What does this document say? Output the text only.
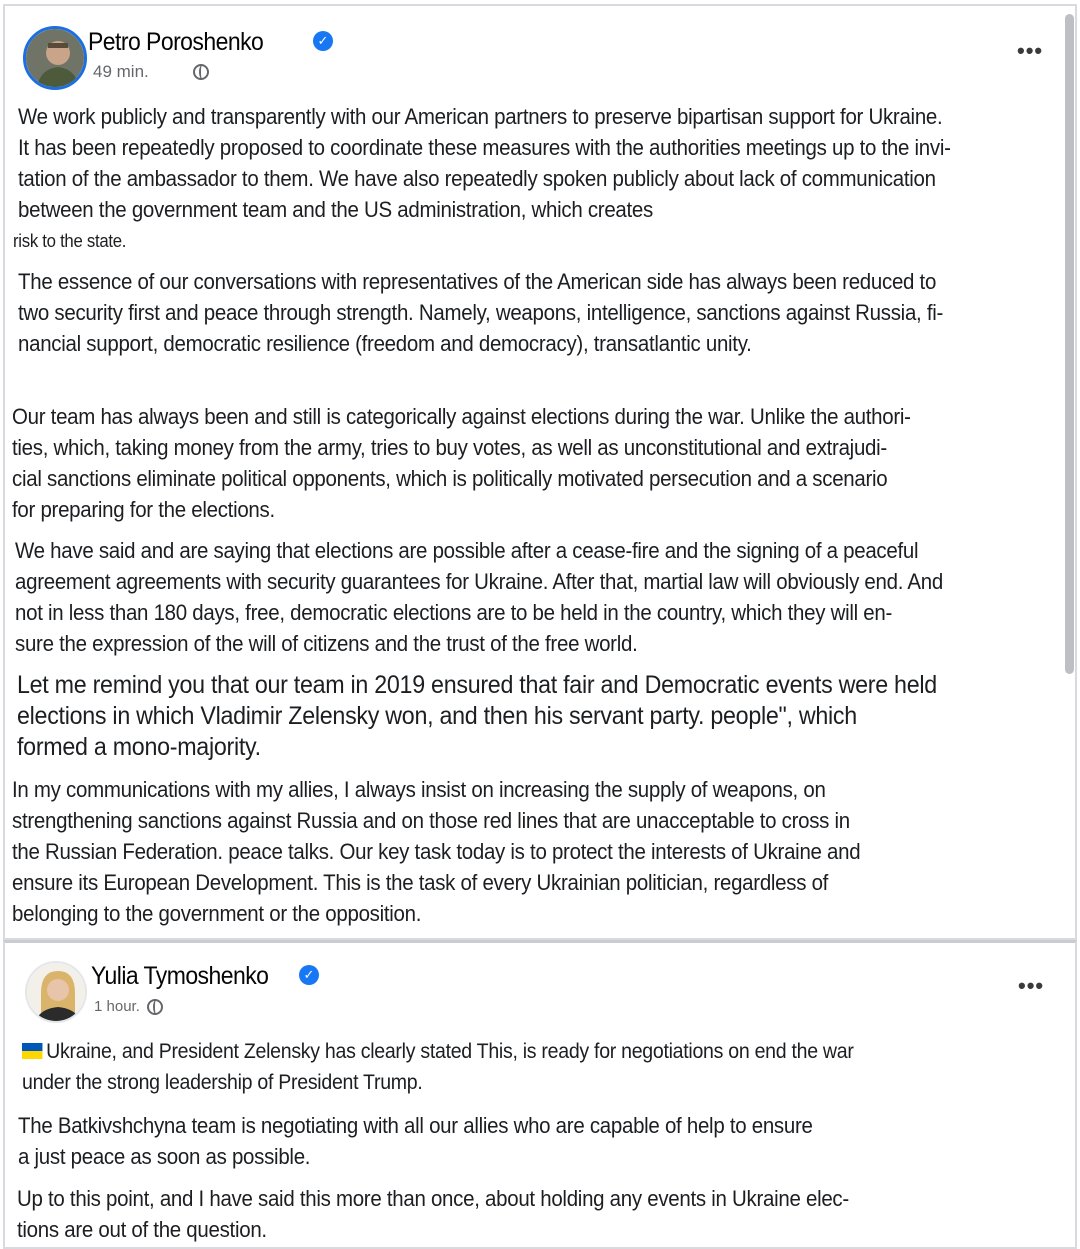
Petro Poroshenko	✓
49 min.
•••
We work publicly and transparently with our American partners to preserve bipartisan support for Ukraine.
It has been repeatedly proposed to coordinate these measures with the authorities meetings up to the invi-
tation of the ambassador to them. We have also repeatedly spoken publicly about lack of communication
between the government team and the US administration, which creates
risk to the state.
The essence of our conversations with representatives of the American side has always been reduced to
two security first and peace through strength. Namely, weapons, intelligence, sanctions against Russia, fi-
nancial support, democratic resilience (freedom and democracy), transatlantic unity.
Our team has always been and still is categorically against elections during the war. Unlike the authori-
ties, which, taking money from the army, tries to buy votes, as well as unconstitutional and extrajudi-
cial sanctions eliminate political opponents, which is politically motivated persecution and a scenario
for preparing for the elections.
We have said and are saying that elections are possible after a cease-fire and the signing of a peaceful
agreement agreements with security guarantees for Ukraine. After that, martial law will obviously end. And
not in less than 180 days, free, democratic elections are to be held in the country, which they will en-
sure the expression of the will of citizens and the trust of the free world.
Let me remind you that our team in 2019 ensured that fair and Democratic events were held
elections in which Vladimir Zelensky won, and then his servant party. people", which
formed a mono-majority.
In my communications with my allies, I always insist on increasing the supply of weapons, on
strengthening sanctions against Russia and on those red lines that are unacceptable to cross in
the Russian Federation. peace talks. Our key task today is to protect the interests of Ukraine and
ensure its European Development. This is the task of every Ukrainian politician, regardless of
belonging to the government or the opposition.
Yulia Tymoshenko	✓
1 hour.
•••
Ukraine, and President Zelensky has clearly stated This, is ready for negotiations on end the war
under the strong leadership of President Trump.
The Batkivshchyna team is negotiating with all our allies who are capable of help to ensure
a just peace as soon as possible.
Up to this point, and I have said this more than once, about holding any events in Ukraine elec-
tions are out of the question.
